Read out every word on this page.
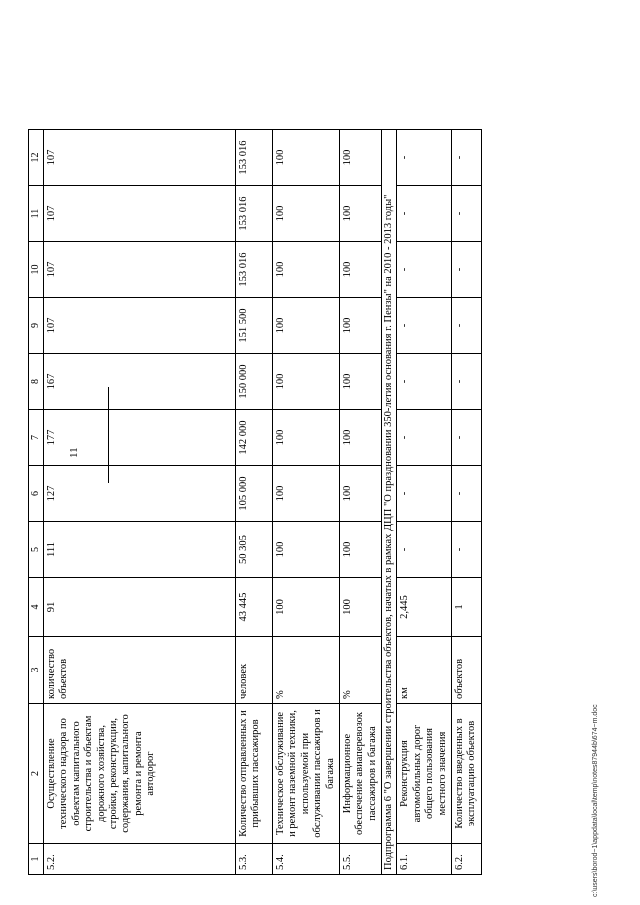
11
1	2	3	4	5	6	7	8	9	10	11	12
5.2.	Осуществление технического надзора по объектам капитального строительства и объектам дорожного хозяйства, стройки, реконструкции, содержания, капитального ремонта и ремонта автодорог	количество объектов	91	111	127	177	167	107	107	107	107
5.3.	Количество отправленных и прибывших пассажиров	человек	43 445	50 305	105 000	142 000	150 000	151 500	153 016	153 016	153 016
5.4.	Техническое обслуживание и ремонт наземной техники, используемой при обслуживании пассажиров и багажа	%	100	100	100	100	100	100	100	100	100
5.5.	Информационное обеспечение авиаперевозок пассажиров и багажа	%	100	100	100	100	100	100	100	100	100
Подпрограмма 6 "О завершении строительства объектов, начатых в рамках ДЦП "О праздновании 350-летия основания г. Пензы" на 2010 - 2013 годы"											
6.1.	Реконструкция автомобильных дорог общего пользования местного значения	км	2,445	-	-	-	-	-	-	-	-
6.2.	Количество введенных в эксплуатацию объектов	объектов	1	-	-	-	-	-	-	-	-
c:\users\borod~1\appdata\local\temp\notes87944b\674~m.doc
